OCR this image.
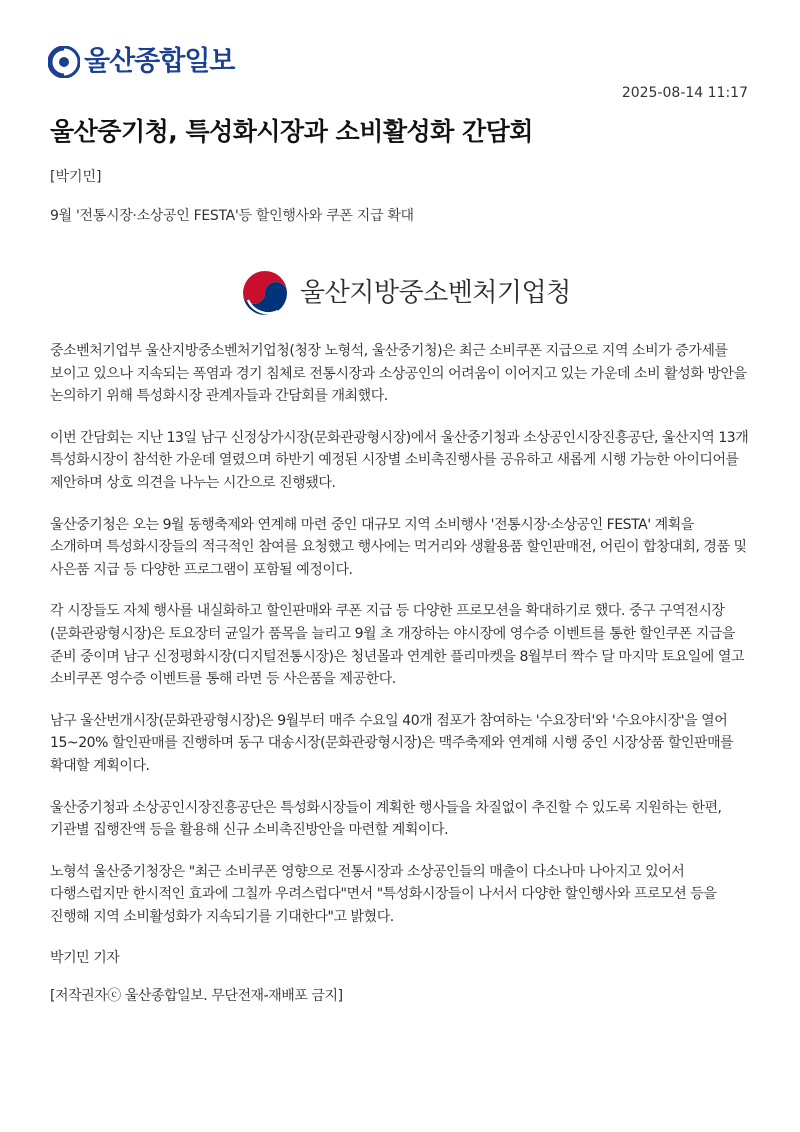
울산종합일보
2025-08-14 11:17
울산중기청, 특성화시장과 소비활성화 간담회
[박기민]
9월 '전통시장·소상공인 FESTA'등 할인행사와 쿠폰 지급 확대
울산지방중소벤처기업청

중소벤처기업부 울산지방중소벤처기업청(청장 노형석, 울산중기청)은 최근 소비쿠폰 지급으로 지역 소비가 증가세를 보이고 있으나 지속되는 폭염과 경기 침체로 전통시장과 소상공인의 어려움이 이어지고 있는 가운데 소비 활성화 방안을 논의하기 위해 특성화시장 관계자들과 간담회를 개최했다.

이번 간담회는 지난 13일 남구 신정상가시장(문화관광형시장)에서 울산중기청과 소상공인시장진흥공단, 울산지역 13개 특성화시장이 참석한 가운데 열렸으며 하반기 예정된 시장별 소비촉진행사를 공유하고 새롭게 시행 가능한 아이디어를 제안하며 상호 의견을 나누는 시간으로 진행됐다.

울산중기청은 오는 9월 동행축제와 연계해 마련 중인 대규모 지역 소비행사 '전통시장·소상공인 FESTA' 계획을 소개하며 특성화시장들의 적극적인 참여를 요청했고 행사에는 먹거리와 생활용품 할인판매전, 어린이 합창대회, 경품 및 사은품 지급 등 다양한 프로그램이 포함될 예정이다.

각 시장들도 자체 행사를 내실화하고 할인판매와 쿠폰 지급 등 다양한 프로모션을 확대하기로 했다. 중구 구역전시장(문화관광형시장)은 토요장터 균일가 품목을 늘리고 9월 초 개장하는 야시장에 영수증 이벤트를 통한 할인쿠폰 지급을 준비 중이며 남구 신정평화시장(디지털전통시장)은 청년몰과 연계한 플리마켓을 8월부터 짝수 달 마지막 토요일에 열고 소비쿠폰 영수증 이벤트를 통해 라면 등 사은품을 제공한다.

남구 울산번개시장(문화관광형시장)은 9월부터 매주 수요일 40개 점포가 참여하는 '수요장터'와 '수요야시장'을 열어 15~20% 할인판매를 진행하며 동구 대송시장(문화관광형시장)은 맥주축제와 연계해 시행 중인 시장상품 할인판매를 확대할 계획이다.

울산중기청과 소상공인시장진흥공단은 특성화시장들이 계획한 행사들을 차질없이 추진할 수 있도록 지원하는 한편, 기관별 집행잔액 등을 활용해 신규 소비촉진방안을 마련할 계획이다.

노형석 울산중기청장은 "최근 소비쿠폰 영향으로 전통시장과 소상공인들의 매출이 다소나마 나아지고 있어서 다행스럽지만 한시적인 효과에 그칠까 우려스럽다"면서 "특성화시장들이 나서서 다양한 할인행사와 프로모션 등을 진행해 지역 소비활성화가 지속되기를 기대한다"고 밝혔다.

박기민 기자

[저작권자ⓒ 울산종합일보. 무단전재-재배포 금지]
